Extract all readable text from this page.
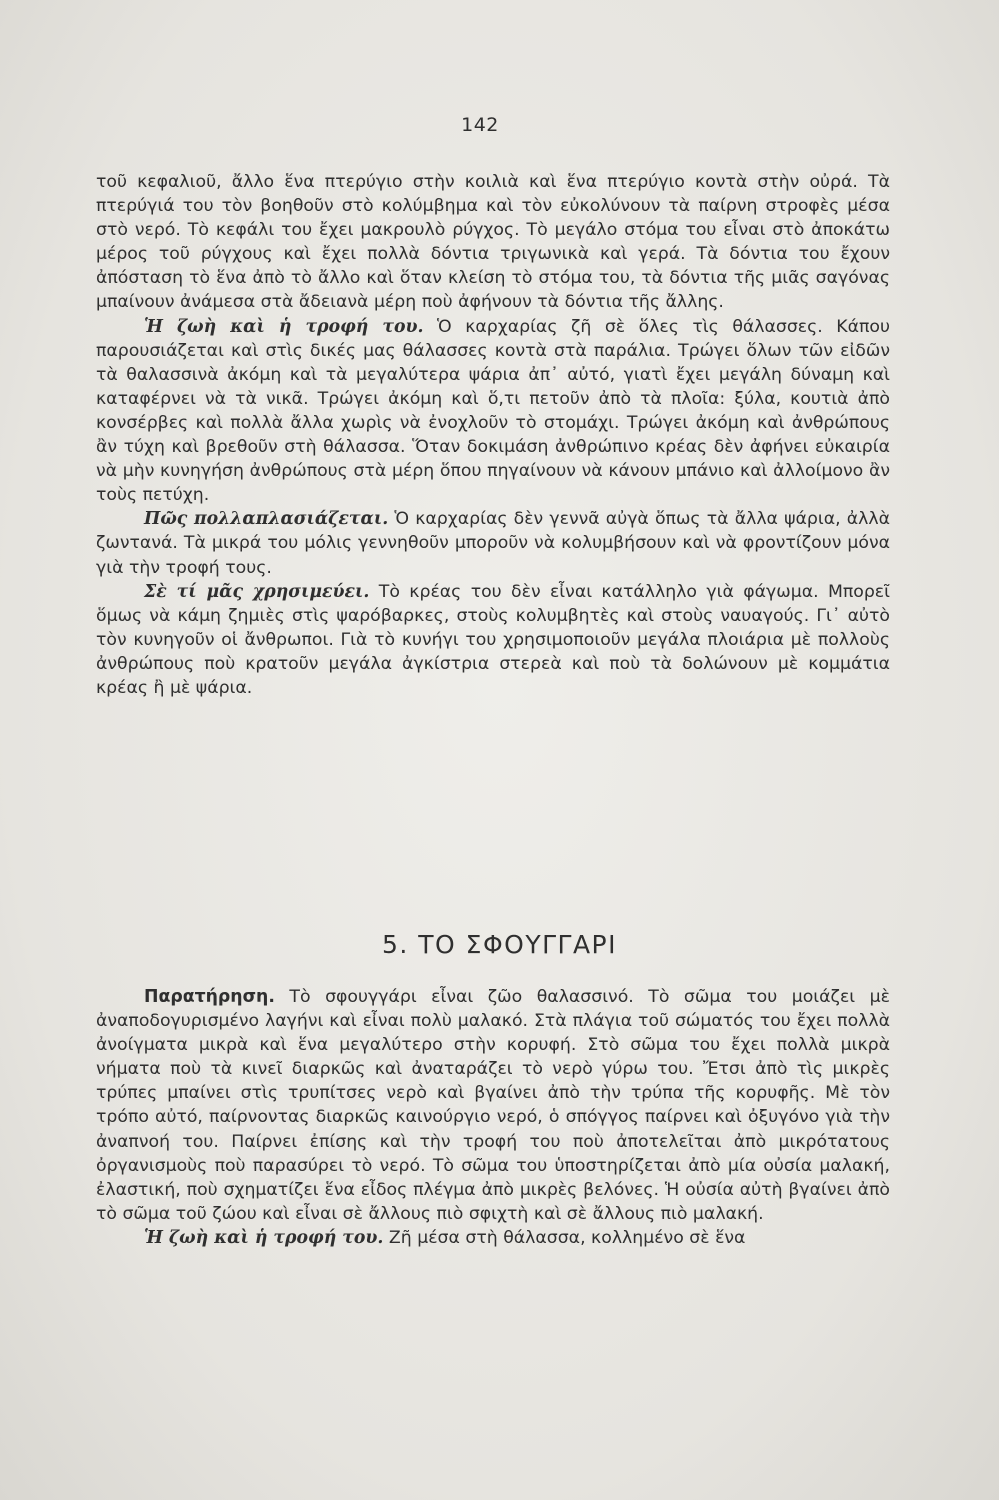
142

τοῦ κεφαλιοῦ, ἄλλο ἕνα πτερύγιο στὴν κοιλιὰ καὶ ἕνα πτερύγιο κοντὰ στὴν οὐρά. Τὰ πτερύγιά του τὸν βοηθοῦν στὸ κολύμβημα καὶ τὸν εὐκολύνουν τὰ παίρνη στροφὲς μέσα στὸ νερό. Τὸ κεφάλι του ἔχει μακρουλὸ ρύγχος. Τὸ μεγάλο στόμα του εἶναι στὸ ἀποκάτω μέρος τοῦ ρύγχους καὶ ἔχει πολλὰ δόντια τριγωνικὰ καὶ γερά. Τὰ δόντια του ἔχουν ἀπόσταση τὸ ἕνα ἀπὸ τὸ ἄλλο καὶ ὅταν κλείση τὸ στόμα του, τὰ δόντια τῆς μιᾶς σαγόνας μπαίνουν ἀνάμεσα στὰ ἄδειανὰ μέρη ποὺ ἀφήνουν τὰ δόντια τῆς ἄλλης.

Ἡ ζωὴ καὶ ἡ τροφή του. Ὁ καρχαρίας ζῆ σὲ ὅλες τὶς θάλασσες. Κάπου παρουσιάζεται καὶ στὶς δικές μας θάλασσες κοντὰ στὰ παράλια. Τρώγει ὅλων τῶν εἰδῶν τὰ θαλασσινὰ ἀκόμη καὶ τὰ μεγαλύτερα ψάρια ἀπ᾽ αὐτό, γιατὶ ἔχει μεγάλη δύναμη καὶ καταφέρνει νὰ τὰ νικᾶ. Τρώγει ἀκόμη καὶ ὅ,τι πετοῦν ἀπὸ τὰ πλοῖα: ξύλα, κουτιὰ ἀπὸ κονσέρβες καὶ πολλὰ ἄλλα χωρὶς νὰ ἐνοχλοῦν τὸ στομάχι. Τρώγει ἀκόμη καὶ ἀνθρώπους ἂν τύχη καὶ βρεθοῦν στὴ θάλασσα. Ὅταν δοκιμάση ἀνθρώπινο κρέας δὲν ἀφήνει εὐκαιρία νὰ μὴν κυνηγήση ἀνθρώπους στὰ μέρη ὅπου πηγαίνουν νὰ κάνουν μπάνιο καὶ ἀλλοίμονο ἂν τοὺς πετύχη.

Πῶς πολλαπλασιάζεται. Ὁ καρχαρίας δὲν γεννᾶ αὐγὰ ὅπως τὰ ἄλλα ψάρια, ἀλλὰ ζωντανά. Τὰ μικρά του μόλις γεννηθοῦν μποροῦν νὰ κολυμβήσουν καὶ νὰ φροντίζουν μόνα γιὰ τὴν τροφή τους.

Σὲ τί μᾶς χρησιμεύει. Τὸ κρέας του δὲν εἶναι κατάλληλο γιὰ φάγωμα. Μπορεῖ ὅμως νὰ κάμη ζημιὲς στὶς ψαρόβαρκες, στοὺς κολυμβητὲς καὶ στοὺς ναυαγούς. Γι᾽ αὐτὸ τὸν κυνηγοῦν οἱ ἄνθρωποι. Γιὰ τὸ κυνήγι του χρησιμοποιοῦν μεγάλα πλοιάρια μὲ πολλοὺς ἀνθρώπους ποὺ κρατοῦν μεγάλα ἀγκίστρια στερεὰ καὶ ποὺ τὰ δολώνουν μὲ κομμάτια κρέας ἢ μὲ ψάρια.

5. ΤΟ ΣΦΟΥΓΓΑΡΙ

Παρατήρηση. Τὸ σφουγγάρι εἶναι ζῶο θαλασσινό. Τὸ σῶμα του μοιάζει μὲ ἀναποδογυρισμένο λαγήνι καὶ εἶναι πολὺ μαλακό. Στὰ πλάγια τοῦ σώματός του ἔχει πολλὰ ἀνοίγματα μικρὰ καὶ ἕνα μεγαλύτερο στὴν κορυφή. Στὸ σῶμα του ἔχει πολλὰ μικρὰ νήματα ποὺ τὰ κινεῖ διαρκῶς καὶ ἀναταράζει τὸ νερὸ γύρω του. Ἔτσι ἀπὸ τὶς μικρὲς τρύπες μπαίνει στὶς τρυπίτσες νερὸ καὶ βγαίνει ἀπὸ τὴν τρύπα τῆς κορυφῆς. Μὲ τὸν τρόπο αὐτό, παίρνοντας διαρκῶς καινούργιο νερό, ὁ σπόγγος παίρνει καὶ ὀξυγόνο γιὰ τὴν ἀναπνοή του. Παίρνει ἐπίσης καὶ τὴν τροφή του ποὺ ἀποτελεῖται ἀπὸ μικρότατους ὀργανισμοὺς ποὺ παρασύρει τὸ νερό. Τὸ σῶμα του ὑποστηρίζεται ἀπὸ μία οὐσία μαλακή, ἐλαστική, ποὺ σχηματίζει ἕνα εἶδος πλέγμα ἀπὸ μικρὲς βελόνες. Ἡ οὐσία αὐτὴ βγαίνει ἀπὸ τὸ σῶμα τοῦ ζώου καὶ εἶναι σὲ ἄλλους πιὸ σφιχτὴ καὶ σὲ ἄλλους πιὸ μαλακή.

Ἡ ζωὴ καὶ ἡ τροφή του. Ζῆ μέσα στὴ θάλασσα, κολλημένο σὲ ἕνα
